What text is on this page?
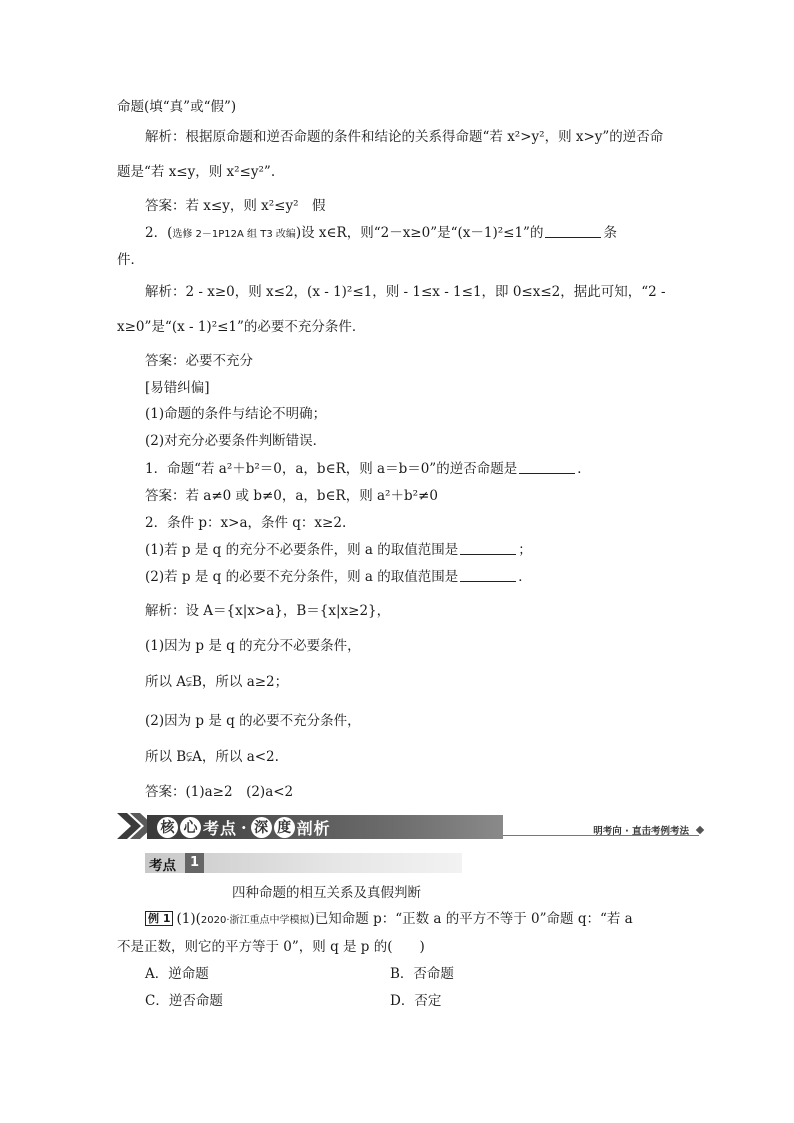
命题(填“真”或“假”)
解析：根据原命题和逆否命题的条件和结论的关系得命题“若 x²>y²，则 x>y”的逆否命
题是“若 x≤y，则 x²≤y²”.
答案：若 x≤y，则 x²≤y²　假
2．(选修 2－1P12A 组 T3 改编)设 x∈R，则“2－x≥0”是“(x－1)²≤1”的	条
件．
解析：2 - x≥0，则 x≤2，(x - 1)²≤1，则 - 1≤x - 1≤1，即 0≤x≤2，据此可知，“2 -
x≥0”是“(x - 1)²≤1”的必要不充分条件．
答案：必要不充分
[易错纠偏]
(1)命题的条件与结论不明确；
(2)对充分必要条件判断错误．
1．命题“若 a²＋b²＝0，a，b∈R，则 a＝b＝0”的逆否命题是	．
答案：若 a≠0 或 b≠0，a，b∈R，则 a²＋b²≠0
2．条件 p：x>a，条件 q：x≥2.
(1)若 p 是 q 的充分不必要条件，则 a 的取值范围是	；
(2)若 p 是 q 的必要不充分条件，则 a 的取值范围是	．
解析：设 A＝{x|x>a}，B＝{x|x≥2}，
(1)因为 p 是 q 的充分不必要条件，
所以 A⫋B，所以 a≥2；
(2)因为 p 是 q 的必要不充分条件，
所以 B⫋A，所以 a<2.
答案：(1)a≥2　(2)a<2
核 心 考点 · 深 度 剖析	明考向 · 直击考例考法
考点	1
四种命题的相互关系及真假判断
例 1 (1)(2020·浙江重点中学模拟)已知命题 p：“正数 a 的平方不等于 0”命题 q：“若 a
不是正数，则它的平方等于 0”，则 q 是 p 的(　　)
A．逆命题	B．否命题
C．逆否命题	D．否定
